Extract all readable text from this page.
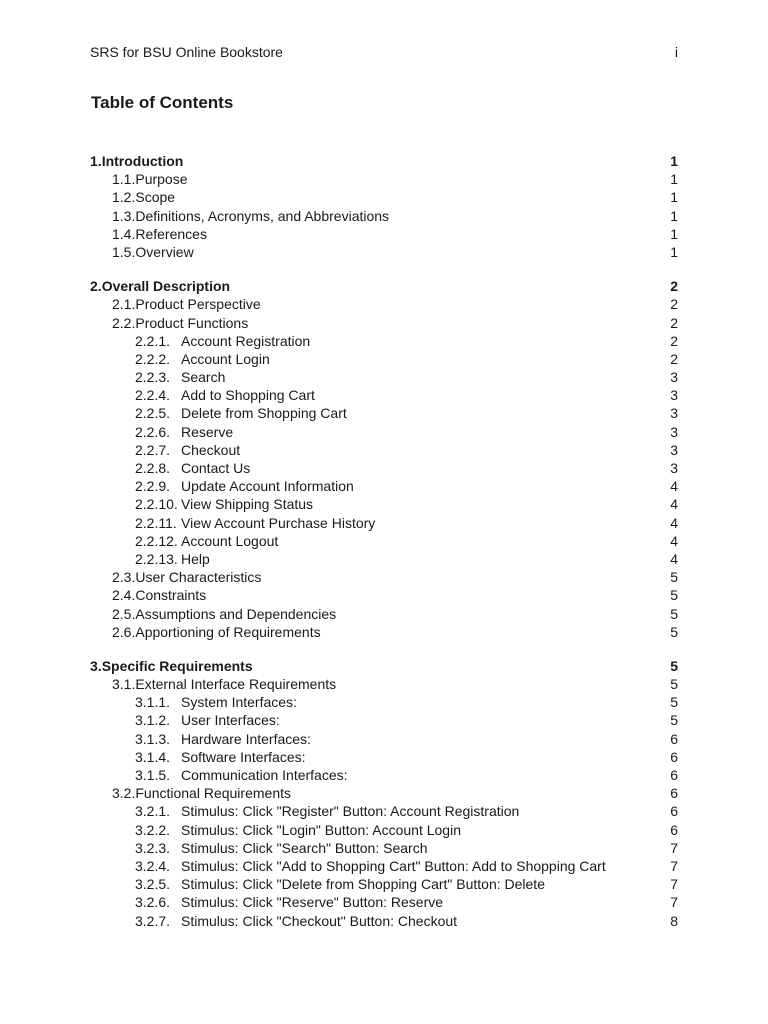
SRS for BSU Online Bookstore	i
Table of Contents
1.Introduction	1
1.1.Purpose	1
1.2.Scope	1
1.3.Definitions, Acronyms, and Abbreviations	1
1.4.References	1
1.5.Overview	1
2.Overall Description	2
2.1.Product Perspective	2
2.2.Product Functions	2
2.2.1. Account Registration	2
2.2.2. Account Login	2
2.2.3. Search	3
2.2.4. Add to Shopping Cart	3
2.2.5. Delete from Shopping Cart	3
2.2.6. Reserve	3
2.2.7. Checkout	3
2.2.8. Contact Us	3
2.2.9. Update Account Information	4
2.2.10. View Shipping Status	4
2.2.11. View Account Purchase History	4
2.2.12. Account Logout	4
2.2.13. Help	4
2.3.User Characteristics	5
2.4.Constraints	5
2.5.Assumptions and Dependencies	5
2.6.Apportioning of Requirements	5
3.Specific Requirements	5
3.1.External Interface Requirements	5
3.1.1. System Interfaces:	5
3.1.2. User Interfaces:	5
3.1.3. Hardware Interfaces:	6
3.1.4. Software Interfaces:	6
3.1.5. Communication Interfaces:	6
3.2.Functional Requirements	6
3.2.1. Stimulus: Click "Register" Button: Account Registration	6
3.2.2. Stimulus: Click "Login" Button: Account Login	6
3.2.3. Stimulus: Click "Search" Button: Search	7
3.2.4. Stimulus: Click "Add to Shopping Cart" Button: Add to Shopping Cart	7
3.2.5. Stimulus: Click "Delete from Shopping Cart" Button: Delete	7
3.2.6. Stimulus: Click "Reserve" Button: Reserve	7
3.2.7. Stimulus: Click "Checkout" Button: Checkout	8
